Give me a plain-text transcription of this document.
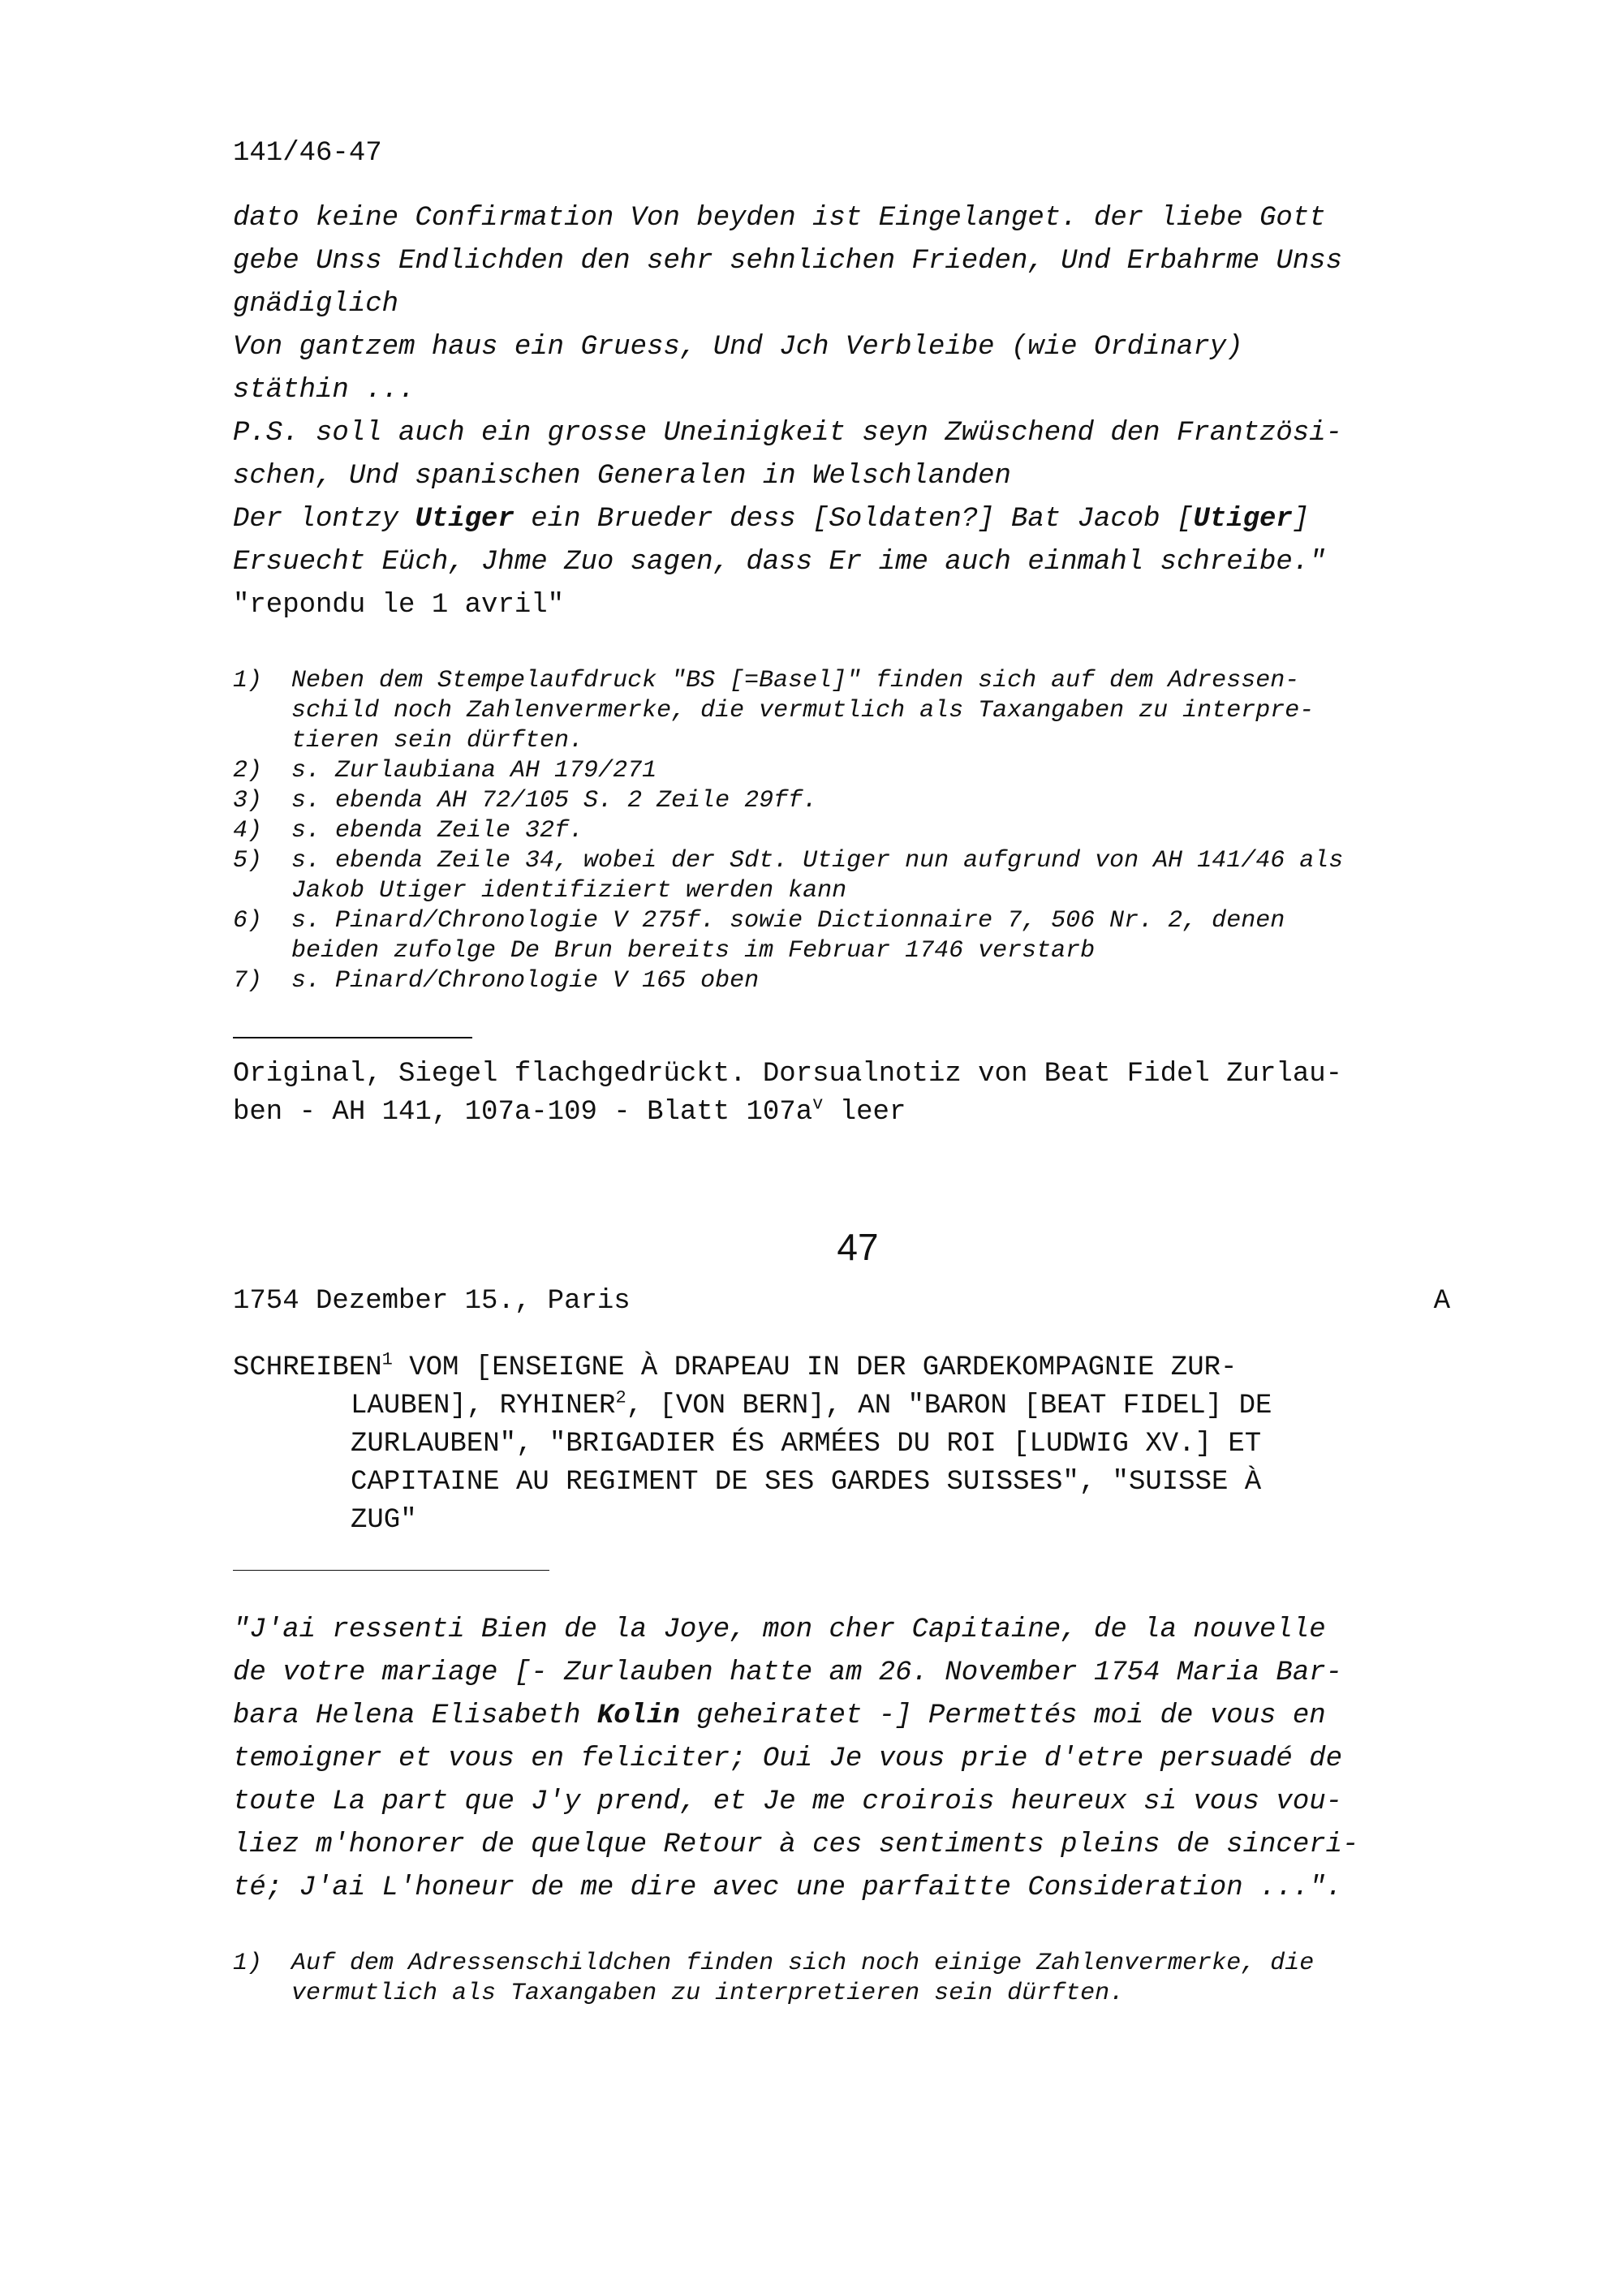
141/46-47
dato keine Confirmation Von beyden ist Eingelanget. der liebe Gott
gebe Unss Endlichden den sehr sehnlichen Frieden, Und Erbahrme Unss
gnädiglich
Von gantzem haus ein Gruess, Und Jch Verbleibe (wie Ordinary)
stäthin ...
P.S. soll auch ein grosse Uneinigkeit seyn Zwüschend den Frantzösi-
schen, Und spanischen Generalen in Welschlanden
Der lontzy Utiger ein Brueder dess [Soldaten?] Bat Jacob [Utiger]
Ersuecht Eüch, Jhme Zuo sagen, dass Er ime auch einmahl schreibe."
"repondu le 1 avril"
1) Neben dem Stempelaufdruck "BS [=Basel]" finden sich auf dem Adressen-
schild noch Zahlenvermerke, die vermutlich als Taxangaben zu interpre-
tieren sein dürften.
2) s. Zurlaubiana AH 179/271
3) s. ebenda AH 72/105 S. 2 Zeile 29ff.
4) s. ebenda Zeile 32f.
5) s. ebenda Zeile 34, wobei der Sdt. Utiger nun aufgrund von AH 141/46 als
Jakob Utiger identifiziert werden kann
6) s. Pinard/Chronologie V 275f. sowie Dictionnaire 7, 506 Nr. 2, denen
beiden zufolge De Brun bereits im Februar 1746 verstarb
7) s. Pinard/Chronologie V 165 oben
Original, Siegel flachgedrückt. Dorsualnotiz von Beat Fidel Zurlau-
ben - AH 141, 107a-109 - Blatt $107a^v$ leer
47
1754 Dezember 15., Paris	A
SCHREIBEN$^1$ VOM [ENSEIGNE À DRAPEAU IN DER GARDEKOMPAGNIE ZUR-
LAUBEN], RYHINER$^2$, [VON BERN], AN "BARON [BEAT FIDEL] DE
ZURLAUBEN", "BRIGADIER ÉS ARMÉES DU ROI [LUDWIG XV.] ET
CAPITAINE AU REGIMENT DE SES GARDES SUISSES", "SUISSE À
ZUG"
"J'ai ressenti Bien de la Joye, mon cher Capitaine, de la nouvelle
de votre mariage [- Zurlauben hatte am 26. November 1754 Maria Bar-
bara Helena Elisabeth Kolin geheiratet -] Permettés moi de vous en
temoigner et vous en feliciter; Oui Je vous prie d'etre persuadé de
toute La part que J'y prend, et Je me croirois heureux si vous vou-
liez m'honorer de quelque Retour à ces sentiments pleins de sinceri-
té; J'ai L'honeur de me dire avec une parfaitte Consideration ...".
1) Auf dem Adressenschildchen finden sich noch einige Zahlenvermerke, die
vermutlich als Taxangaben zu interpretieren sein dürften.
